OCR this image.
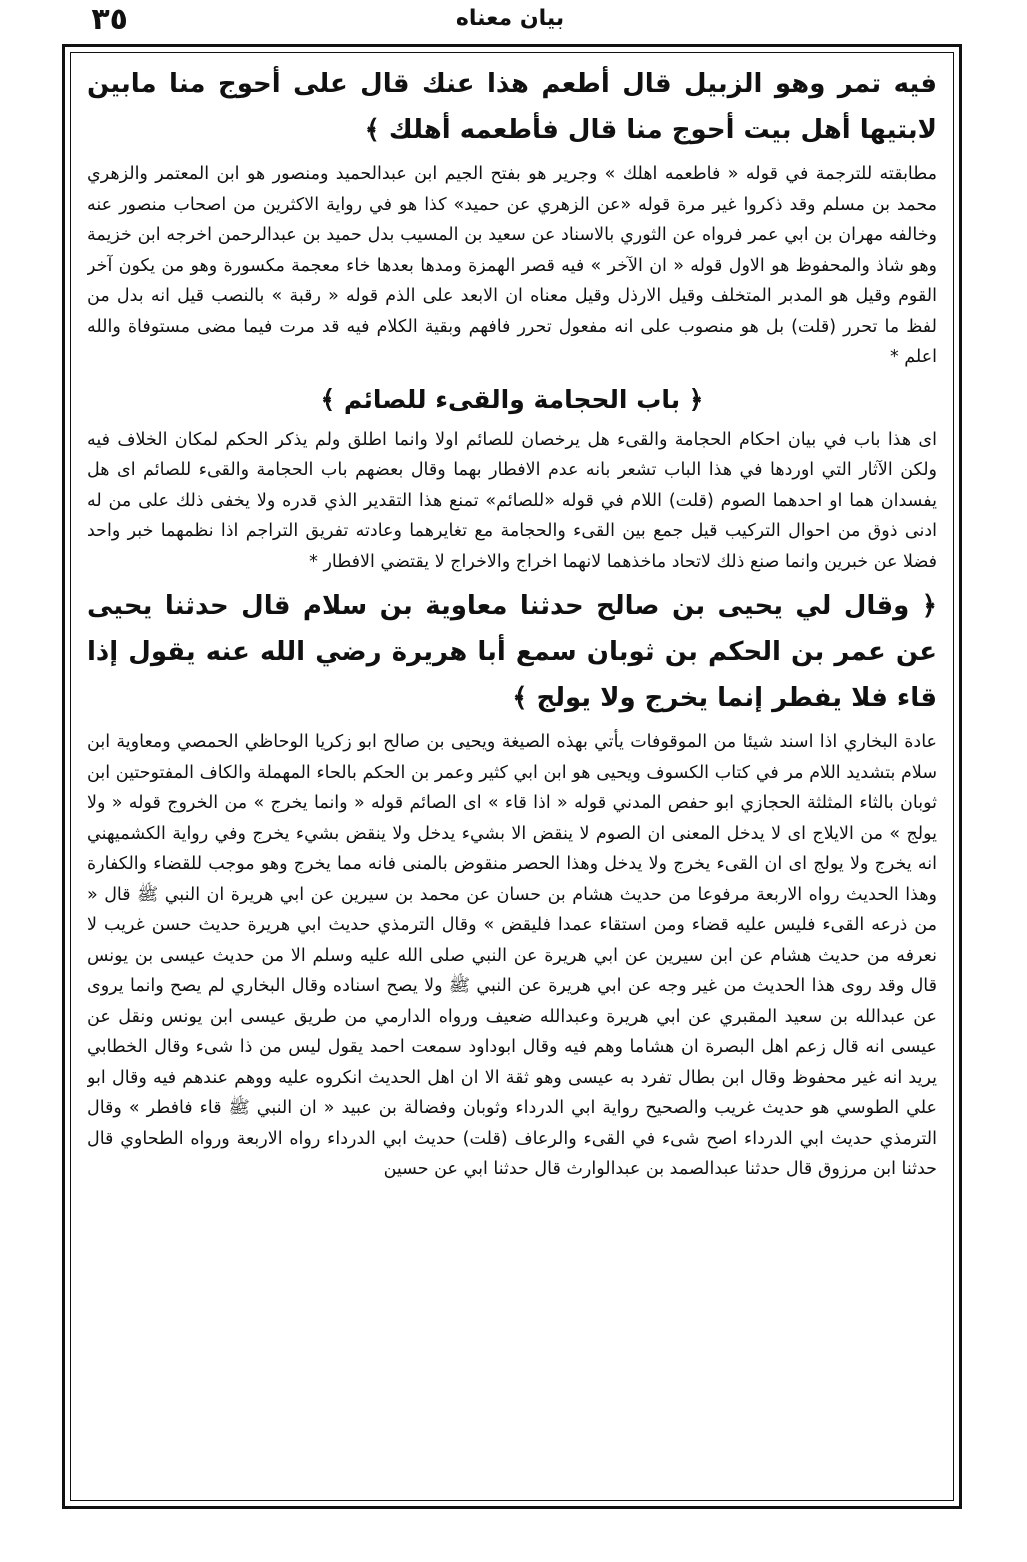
٣٥	بیان معناه

فيه تمر وهو الزبيل قال أطعم هذا عنك قال على أحوج منا مابين لابتيها أهل بيت أحوج منا قال فأطعمه أهلك ﴾

مطابقته للترجمة في قوله « فاطعمه اهلك » وجرير هو بفتح الجيم ابن عبدالحميد ومنصور هو ابن المعتمر والزهري محمد بن مسلم وقد ذكروا غير مرة قوله «عن الزهري عن حميد» كذا هو في رواية الاكثرين من اصحاب منصور عنه وخالفه مهران بن ابي عمر فرواه عن الثوري بالاسناد عن سعيد بن المسيب بدل حميد بن عبدالرحمن اخرجه ابن خزيمة وهو شاذ والمحفوظ هو الاول قوله « ان الآخر » فيه قصر الهمزة ومدها بعدها خاء معجمة مكسورة وهو من يكون آخر القوم وقيل هو المدبر المتخلف وقيل الارذل وقيل معناه ان الابعد على الذم قوله « رقبة » بالنصب قيل انه بدل من لفظ ما تحرر (قلت) بل هو منصوب على انه مفعول تحرر فافهم وبقية الكلام فيه قد مرت فيما مضى مستوفاة والله اعلم *

﴿ باب الحجامة والقىء للصائم ﴾

اى هذا باب في بيان احكام الحجامة والقىء هل يرخصان للصائم اولا وانما اطلق ولم يذكر الحكم لمكان الخلاف فيه ولكن الآثار التي اوردها في هذا الباب تشعر بانه عدم الافطار بهما وقال بعضهم باب الحجامة والقىء للصائم اى هل يفسدان هما او احدهما الصوم (قلت) اللام في قوله «للصائم» تمنع هذا التقدير الذي قدره ولا يخفى ذلك على من له ادنى ذوق من احوال التركيب قيل جمع بين القىء والحجامة مع تغايرهما وعادته تفريق التراجم اذا نظمهما خبر واحد فضلا عن خبرين وانما صنع ذلك لاتحاد ماخذهما لانهما اخراج والاخراج لا يقتضي الافطار *

﴿ وقال لي يحيى بن صالح حدثنا معاوية بن سلام قال حدثنا يحيى عن عمر بن الحكم بن ثوبان سمع أبا هريرة رضي الله عنه يقول إذا قاء فلا يفطر إنما يخرج ولا يولج ﴾

عادة البخاري اذا اسند شيئا من الموقوفات يأتي بهذه الصيغة ويحيى بن صالح ابو زكريا الوحاظي الحمصي ومعاوية ابن سلام بتشديد اللام مر في كتاب الكسوف ويحيى هو ابن ابي كثير وعمر بن الحكم بالحاء المهملة والكاف المفتوحتين ابن ثوبان بالثاء المثلثة الحجازي ابو حفص المدني قوله « اذا قاء » اى الصائم قوله « وانما يخرج » من الخروج قوله « ولا يولج » من الايلاج اى لا يدخل المعنى ان الصوم لا ينقض الا بشيء يدخل ولا ينقض بشيء يخرج وفي رواية الكشميهني انه يخرج ولا يولج اى ان القىء يخرج ولا يدخل وهذا الحصر منقوض بالمنى فانه مما يخرج وهو موجب للقضاء والكفارة وهذا الحديث رواه الاربعة مرفوعا من حديث هشام بن حسان عن محمد بن سيرين عن ابي هريرة ان النبي ﷺ قال « من ذرعه القىء فليس عليه قضاء ومن استقاء عمدا فليقض » وقال الترمذي حديث ابي هريرة حديث حسن غريب لا نعرفه من حديث هشام عن ابن سيرين عن ابي هريرة عن النبي صلى الله عليه وسلم الا من حديث عيسى بن يونس قال وقد روى هذا الحديث من غير وجه عن ابي هريرة عن النبي ﷺ ولا يصح اسناده وقال البخاري لم يصح وانما يروى عن عبدالله بن سعيد المقبري عن ابي هريرة وعبدالله ضعيف ورواه الدارمي من طريق عيسى ابن يونس ونقل عن عيسى انه قال زعم اهل البصرة ان هشاما وهم فيه وقال ابوداود سمعت احمد يقول ليس من ذا شىء وقال الخطابي يريد انه غير محفوظ وقال ابن بطال تفرد به عيسى وهو ثقة الا ان اهل الحديث انكروه عليه ووهم عندهم فيه وقال ابو علي الطوسي هو حديث غريب والصحيح رواية ابي الدرداء وثوبان وفضالة بن عبيد « ان النبي ﷺ قاء فافطر » وقال الترمذي حديث ابي الدرداء اصح شىء في القىء والرعاف (قلت) حديث ابي الدرداء رواه الاربعة ورواه الطحاوي قال حدثنا ابن مرزوق قال حدثنا عبدالصمد بن عبدالوارث قال حدثنا ابي عن حسين
